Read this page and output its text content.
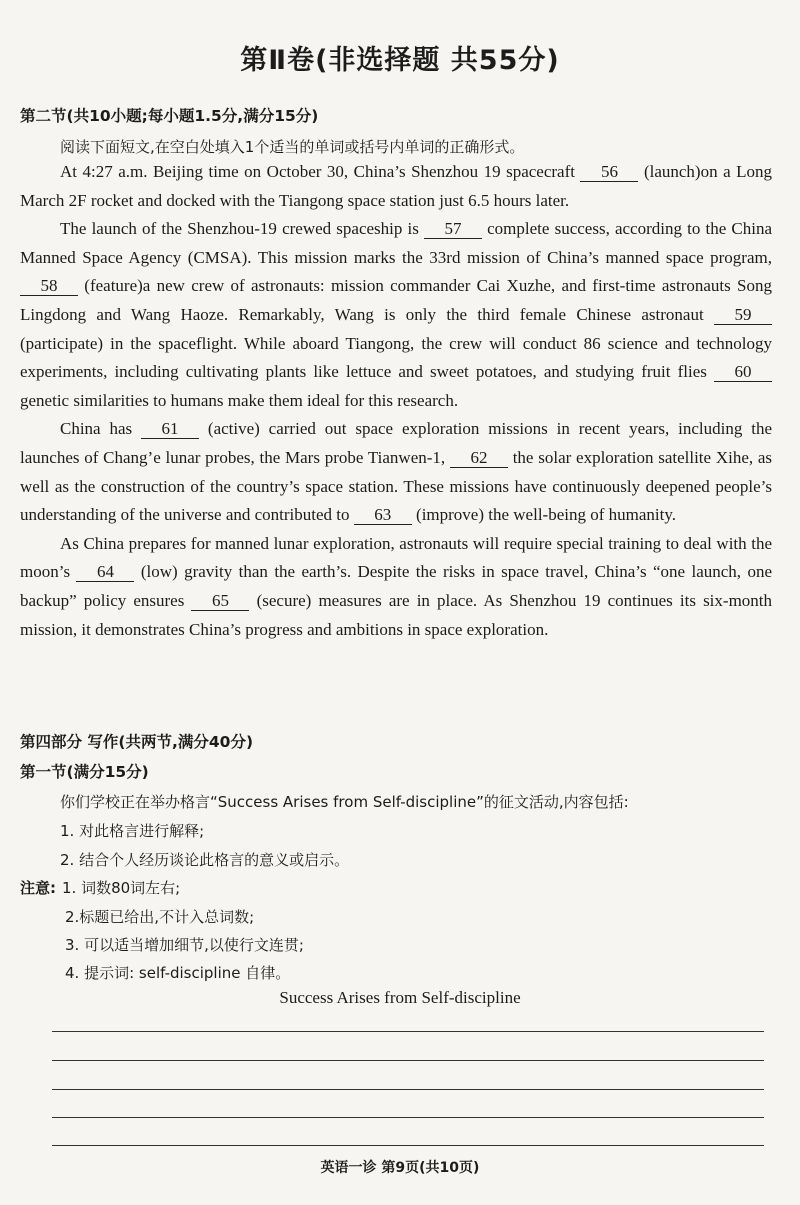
第Ⅱ卷(非选择题 共55分)
第二节(共10小题;每小题1.5分,满分15分)
阅读下面短文,在空白处填入1个适当的单词或括号内单词的正确形式。

At 4:27 a.m. Beijing time on October 30, China’s Shenzhou 19 spacecraft 56 (launch)on a Long March 2F rocket and docked with the Tiangong space station just 6.5 hours later.

The launch of the Shenzhou-19 crewed spaceship is 57 complete success, according to the China Manned Space Agency (CMSA). This mission marks the 33rd mission of China’s manned space program, 58 (feature)a new crew of astronauts: mission commander Cai Xuzhe, and first-time astronauts Song Lingdong and Wang Haoze. Remarkably, Wang is only the third female Chinese astronaut 59 (participate) in the spaceflight. While aboard Tiangong, the crew will conduct 86 science and technology experiments, including cultivating plants like lettuce and sweet potatoes, and studying fruit flies 60 genetic similarities to humans make them ideal for this research.

China has 61 (active) carried out space exploration missions in recent years, including the launches of Chang’e lunar probes, the Mars probe Tianwen-1, 62 the solar exploration satellite Xihe, as well as the construction of the country’s space station. These missions have continuously deepened people’s understanding of the universe and contributed to 63 (improve) the well-being of humanity.

As China prepares for manned lunar exploration, astronauts will require special training to deal with the moon’s 64 (low) gravity than the earth’s. Despite the risks in space travel, China’s “one launch, one backup” policy ensures 65 (secure) measures are in place. As Shenzhou 19 continues its six-month mission, it demonstrates China’s progress and ambitions in space exploration.

第四部分 写作(共两节,满分40分)
第一节(满分15分)
你们学校正在举办格言“Success Arises from Self-discipline”的征文活动,内容包括:
1. 对此格言进行解释;
2. 结合个人经历谈论此格言的意义或启示。
注意: 1. 词数80词左右;
2.标题已给出,不计入总词数;
3. 可以适当增加细节,以使行文连贯;
4. 提示词: self-discipline 自律。
Success Arises from Self-discipline
英语一诊 第9页(共10页)
